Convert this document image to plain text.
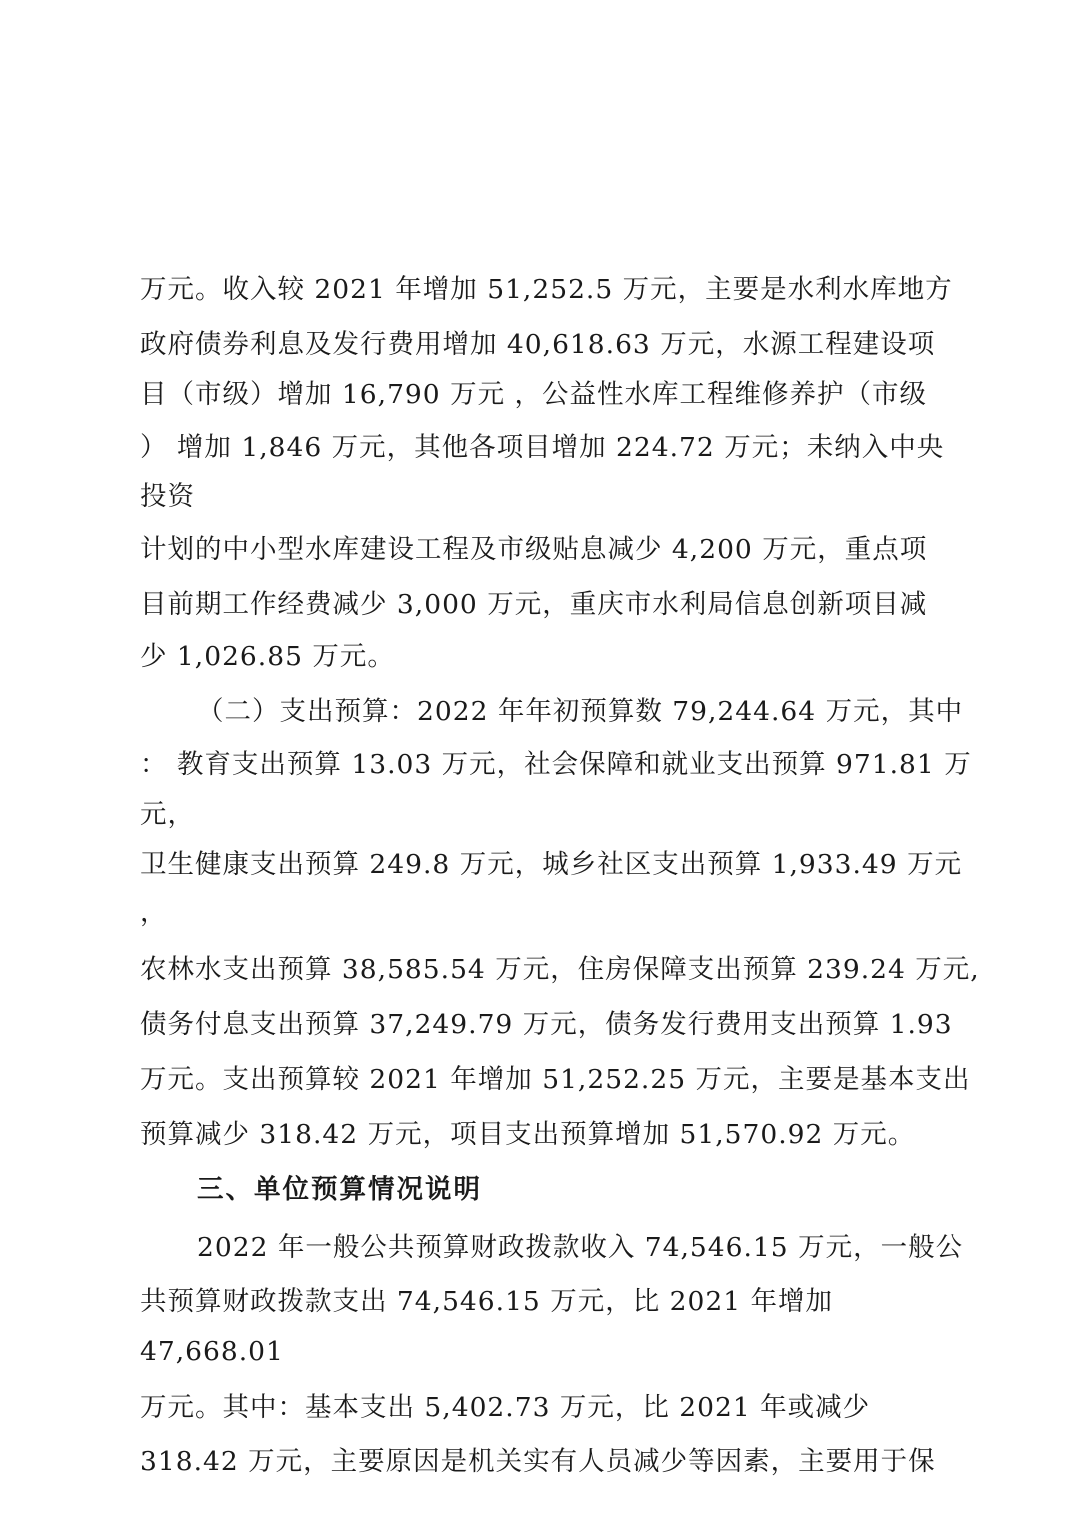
万元。收入较 2021 年增加 51,252.5 万元，主要是水利水库地方
政府债券利息及发行费用增加 40,618.63 万元，水源工程建设项
目（市级）增加 16,790 万元 ，公益性水库工程维修养护（市级
） 增加 1,846 万元，其他各项目增加 224.72 万元；未纳入中央
投资
计划的中小型水库建设工程及市级贴息减少 4,200 万元，重点项
目前期工作经费减少 3,000 万元，重庆市水利局信息创新项目减
少 1,026.85 万元。
（二）支出预算：2022 年年初预算数 79,244.64 万元，其中
： 教育支出预算 13.03 万元，社会保障和就业支出预算 971.81 万
元，
卫生健康支出预算 249.8 万元，城乡社区支出预算 1,933.49 万元
，
农林水支出预算 38,585.54 万元，住房保障支出预算 239.24 万元,
债务付息支出预算 37,249.79 万元，债务发行费用支出预算 1.93
万元。支出预算较 2021 年增加 51,252.25 万元，主要是基本支出
预算减少 318.42 万元，项目支出预算增加 51,570.92 万元。
三、单位预算情况说明
2022 年一般公共预算财政拨款收入 74,546.15 万元，一般公
共预算财政拨款支出 74,546.15 万元，比 2021 年增加
47,668.01
万元。其中：基本支出 5,402.73 万元，比 2021 年或减少
318.42 万元，主要原因是机关实有人员减少等因素，主要用于保
